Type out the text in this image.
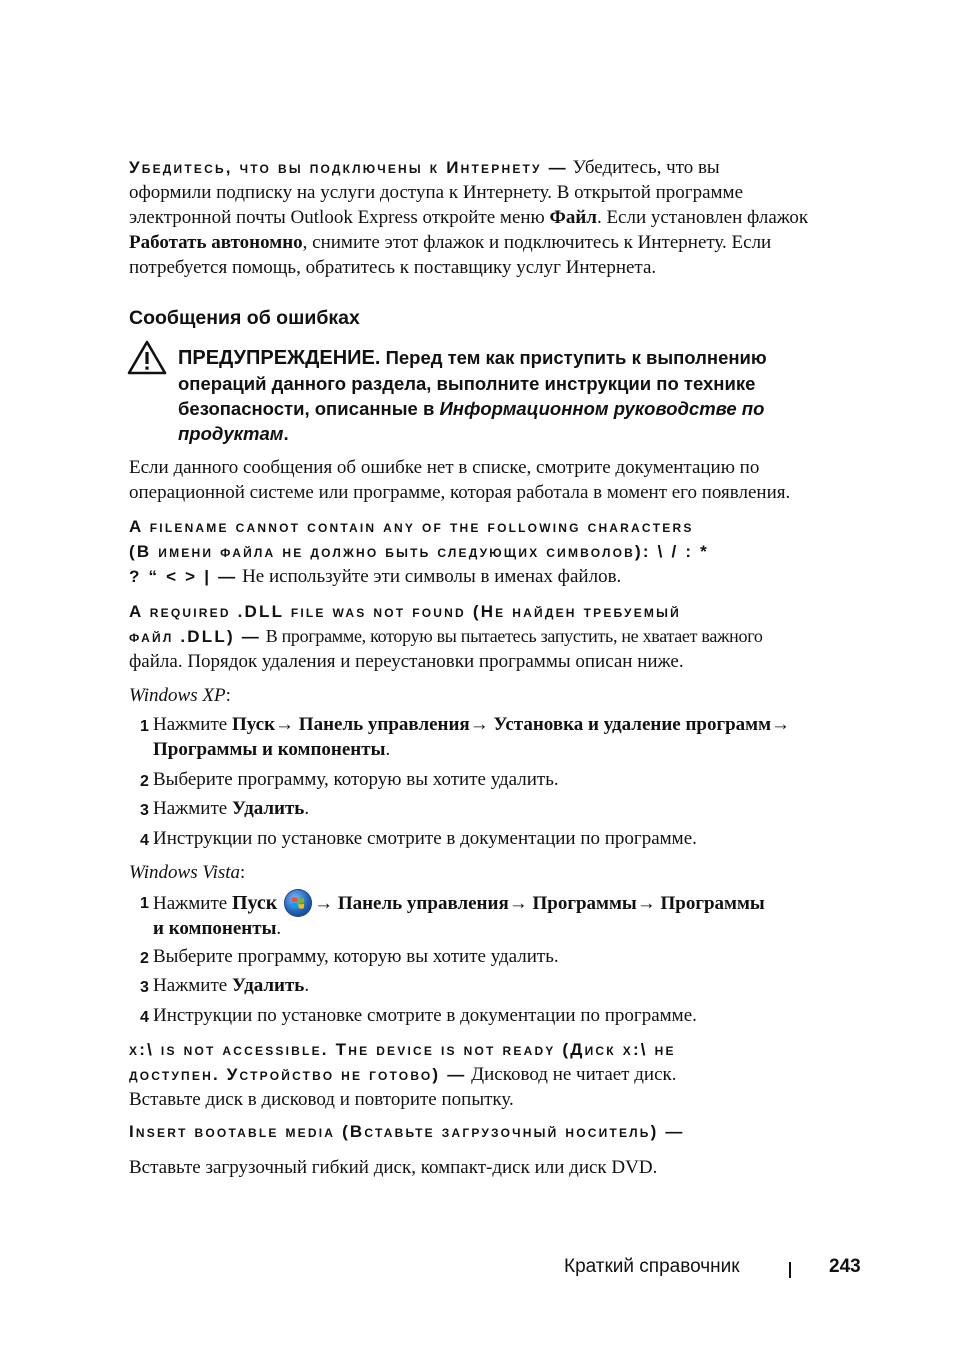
Убедитесь, что вы подключены к Интернету — Убедитесь, что вы
оформили подписку на услуги доступа к Интернету. В открытой программе
электронной почты Outlook Express откройте меню Файл. Если установлен флажок
Работать автономно, снимите этот флажок и подключитесь к Интернету. Если
потребуется помощь, обратитесь к поставщику услуг Интернета.
Сообщения об ошибках
ПРЕДУПРЕЖДЕНИЕ. Перед тем как приступить к выполнению
операций данного раздела, выполните инструкции по технике
безопасности, описанные в Информационном руководстве по
продуктам.
Если данного сообщения об ошибке нет в списке, смотрите документацию по
операционной системе или программе, которая работала в момент его появления.
A filename cannot contain any of the following characters
(В имени файла не должно быть следующих символов): \ / : *
? “ < > | — Не используйте эти символы в именах файлов.
A required .DLL file was not found (Не найден требуемый
файл .DLL) — В программе, которую вы пытаетесь запустить, не хватает важного
файла. Порядок удаления и переустановки программы описан ниже.
Windows XP:
1 Нажмите Пуск→ Панель управления→ Установка и удаление программ→
Программы и компоненты.
2 Выберите программу, которую вы хотите удалить.
3 Нажмите Удалить.
4 Инструкции по установке смотрите в документации по программе.
Windows Vista:
1 Нажмите Пуск → Панель управления→ Программы→ Программы
и компоненты.
2 Выберите программу, которую вы хотите удалить.
3 Нажмите Удалить.
4 Инструкции по установке смотрите в документации по программе.
x:\ is not accessible. The device is not ready (Диск x:\ не
доступен. Устройство не готово) — Дисковод не читает диск.
Вставьте диск в дисковод и повторите попытку.
Insert bootable media (Вставьте загрузочный носитель) —
Вставьте загрузочный гибкий диск, компакт-диск или диск DVD.
Краткий справочник	243
